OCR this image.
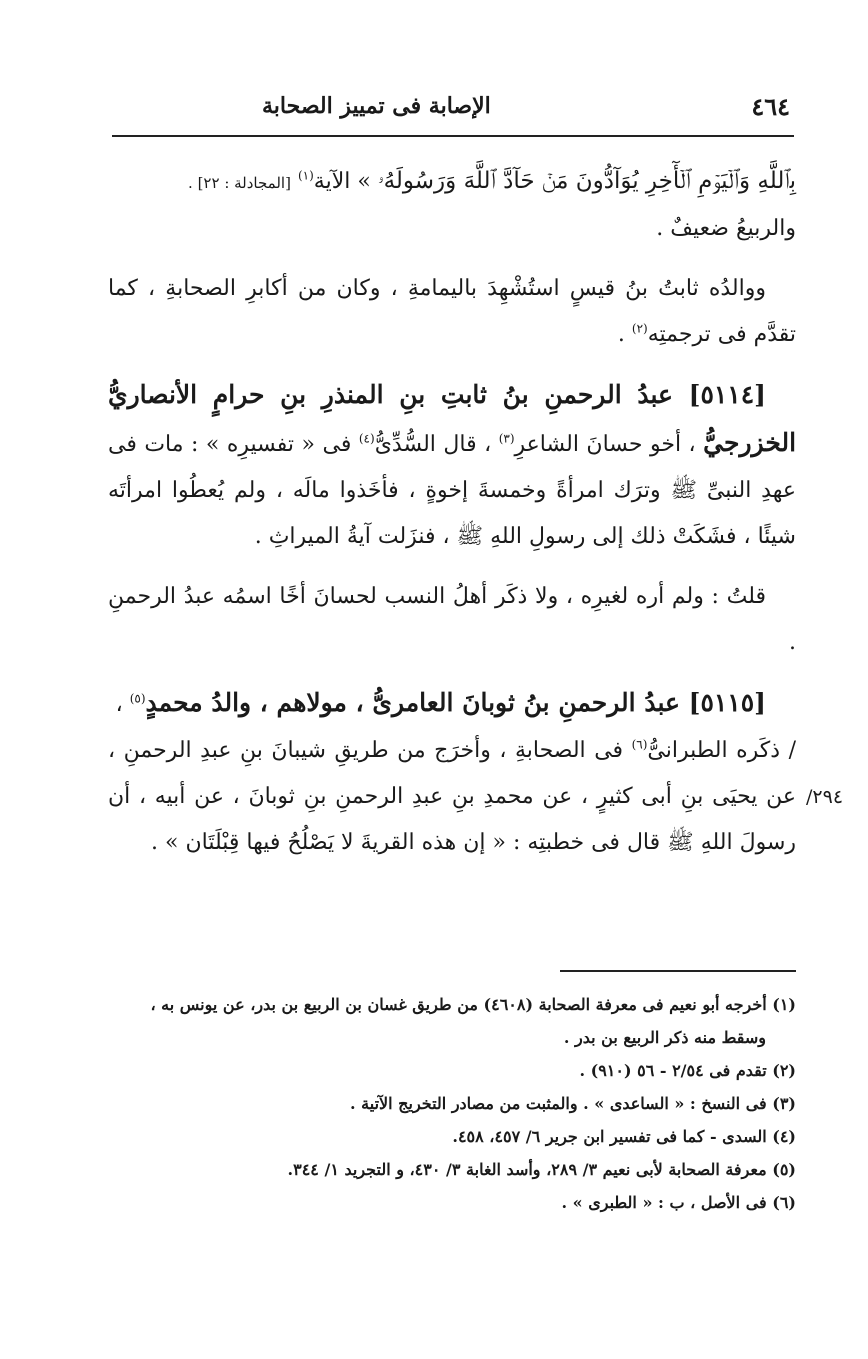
٤٦٤
الإصابة فى تمييز الصحابة

بِٱللَّهِ وَٱلۡيَوۡمِ ٱلۡأٓخِرِ يُوَآدُّونَ مَنۡ حَآدَّ ٱللَّهَ وَرَسُولَهُۥ » الآية$^{(١)}$ [المجادلة : ٢٢] .
والربيعُ ضعيفٌ .

ووالدُه ثابتُ بنُ قيسٍ استُشْهِدَ باليمامةِ ، وكان من أكابرِ الصحابةِ ، كما تقدَّم فى ترجمتِه$^{(٢)}$ .

[٥١١٤] عبدُ الرحمنِ بنُ ثابتِ بنِ المنذرِ بنِ حرامٍ الأنصاريُّ الخزرجيُّ ، أخو حسانَ الشاعرِ$^{(٣)}$ ، قال السُّدِّىُّ$^{(٤)}$ فى « تفسيرِه » : مات فى عهدِ النبىِّ ﷺ وترَك امرأةً وخمسةَ إخوةٍ ، فأخَذوا مالَه ، ولم يُعطُوا امرأتَه شيئًا ، فشَكَتْ ذلك إلى رسولِ اللهِ ﷺ ، فنزَلت آيةُ الميراثِ .

قلتُ : ولم أره لغيرِه ، ولا ذكَر أهلُ النسب لحسانَ أخًا اسمُه عبدُ الرحمنِ .

[٥١١٥] عبدُ الرحمنِ بنُ ثوبانَ العامرىُّ ، مولاهم ، والدُ محمدٍ$^{(٥)}$ ،
/ ذكَره الطبرانىُّ$^{(٦)}$ فى الصحابةِ ، وأخرَج من طريقِ شيبانَ بنِ عبدِ الرحمنِ ، عن يحيَى بنِ أبى كثيرٍ ، عن محمدِ بنِ عبدِ الرحمنِ بنِ ثوبانَ ، عن أبيه ، أن رسولَ اللهِ ﷺ قال فى خطبتِه : « إن هذه القريةَ لا يَصْلُحُ فيها قِبْلَتَان » .

٢٩٤/

(١) أخرجه أبو نعيم فى معرفة الصحابة (٤٦٠٨) من طريق غسان بن الربيع بن بدر، عن يونس به ،
وسقط منه ذكر الربيع بن بدر .

(٢) تقدم فى ٢/٥٤ - ٥٦ (٩١٠) .

(٣) فى النسخ : « الساعدى » . والمثبت من مصادر التخريج الآتية .

(٤) السدى - كما فى تفسير ابن جرير ٦/ ٤٥٧، ٤٥٨.

(٥) معرفة الصحابة لأبى نعيم ٣/ ٢٨٩، وأسد الغابة ٣/ ٤٣٠، و التجريد ١/ ٣٤٤.

(٦) فى الأصل ، ب : « الطبرى » .
